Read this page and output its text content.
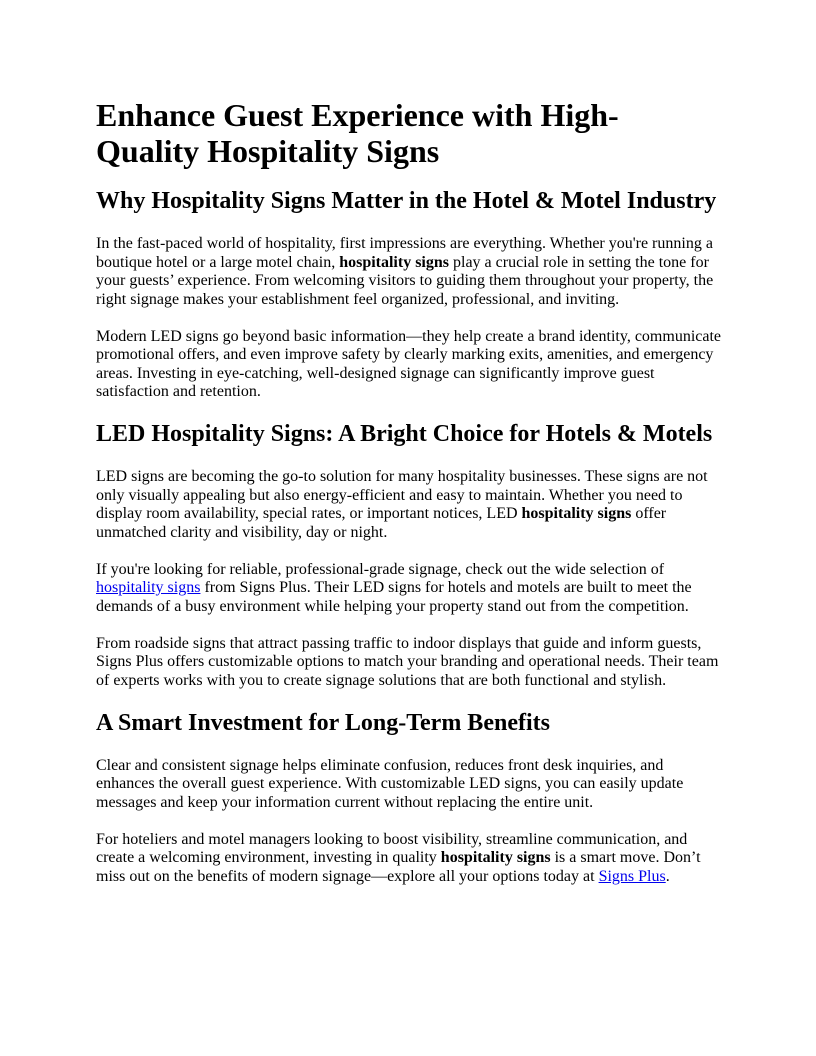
Enhance Guest Experience with High-Quality Hospitality Signs
Why Hospitality Signs Matter in the Hotel & Motel Industry

In the fast-paced world of hospitality, first impressions are everything. Whether you're running a boutique hotel or a large motel chain, hospitality signs play a crucial role in setting the tone for your guests’ experience. From welcoming visitors to guiding them throughout your property, the right signage makes your establishment feel organized, professional, and inviting.

Modern LED signs go beyond basic information—they help create a brand identity, communicate promotional offers, and even improve safety by clearly marking exits, amenities, and emergency areas. Investing in eye-catching, well-designed signage can significantly improve guest satisfaction and retention.

LED Hospitality Signs: A Bright Choice for Hotels & Motels

LED signs are becoming the go-to solution for many hospitality businesses. These signs are not only visually appealing but also energy-efficient and easy to maintain. Whether you need to display room availability, special rates, or important notices, LED hospitality signs offer unmatched clarity and visibility, day or night.

If you're looking for reliable, professional-grade signage, check out the wide selection of hospitality signs from Signs Plus. Their LED signs for hotels and motels are built to meet the demands of a busy environment while helping your property stand out from the competition.

From roadside signs that attract passing traffic to indoor displays that guide and inform guests, Signs Plus offers customizable options to match your branding and operational needs. Their team of experts works with you to create signage solutions that are both functional and stylish.

A Smart Investment for Long-Term Benefits

Clear and consistent signage helps eliminate confusion, reduces front desk inquiries, and enhances the overall guest experience. With customizable LED signs, you can easily update messages and keep your information current without replacing the entire unit.

For hoteliers and motel managers looking to boost visibility, streamline communication, and create a welcoming environment, investing in quality hospitality signs is a smart move. Don’t miss out on the benefits of modern signage—explore all your options today at Signs Plus.
